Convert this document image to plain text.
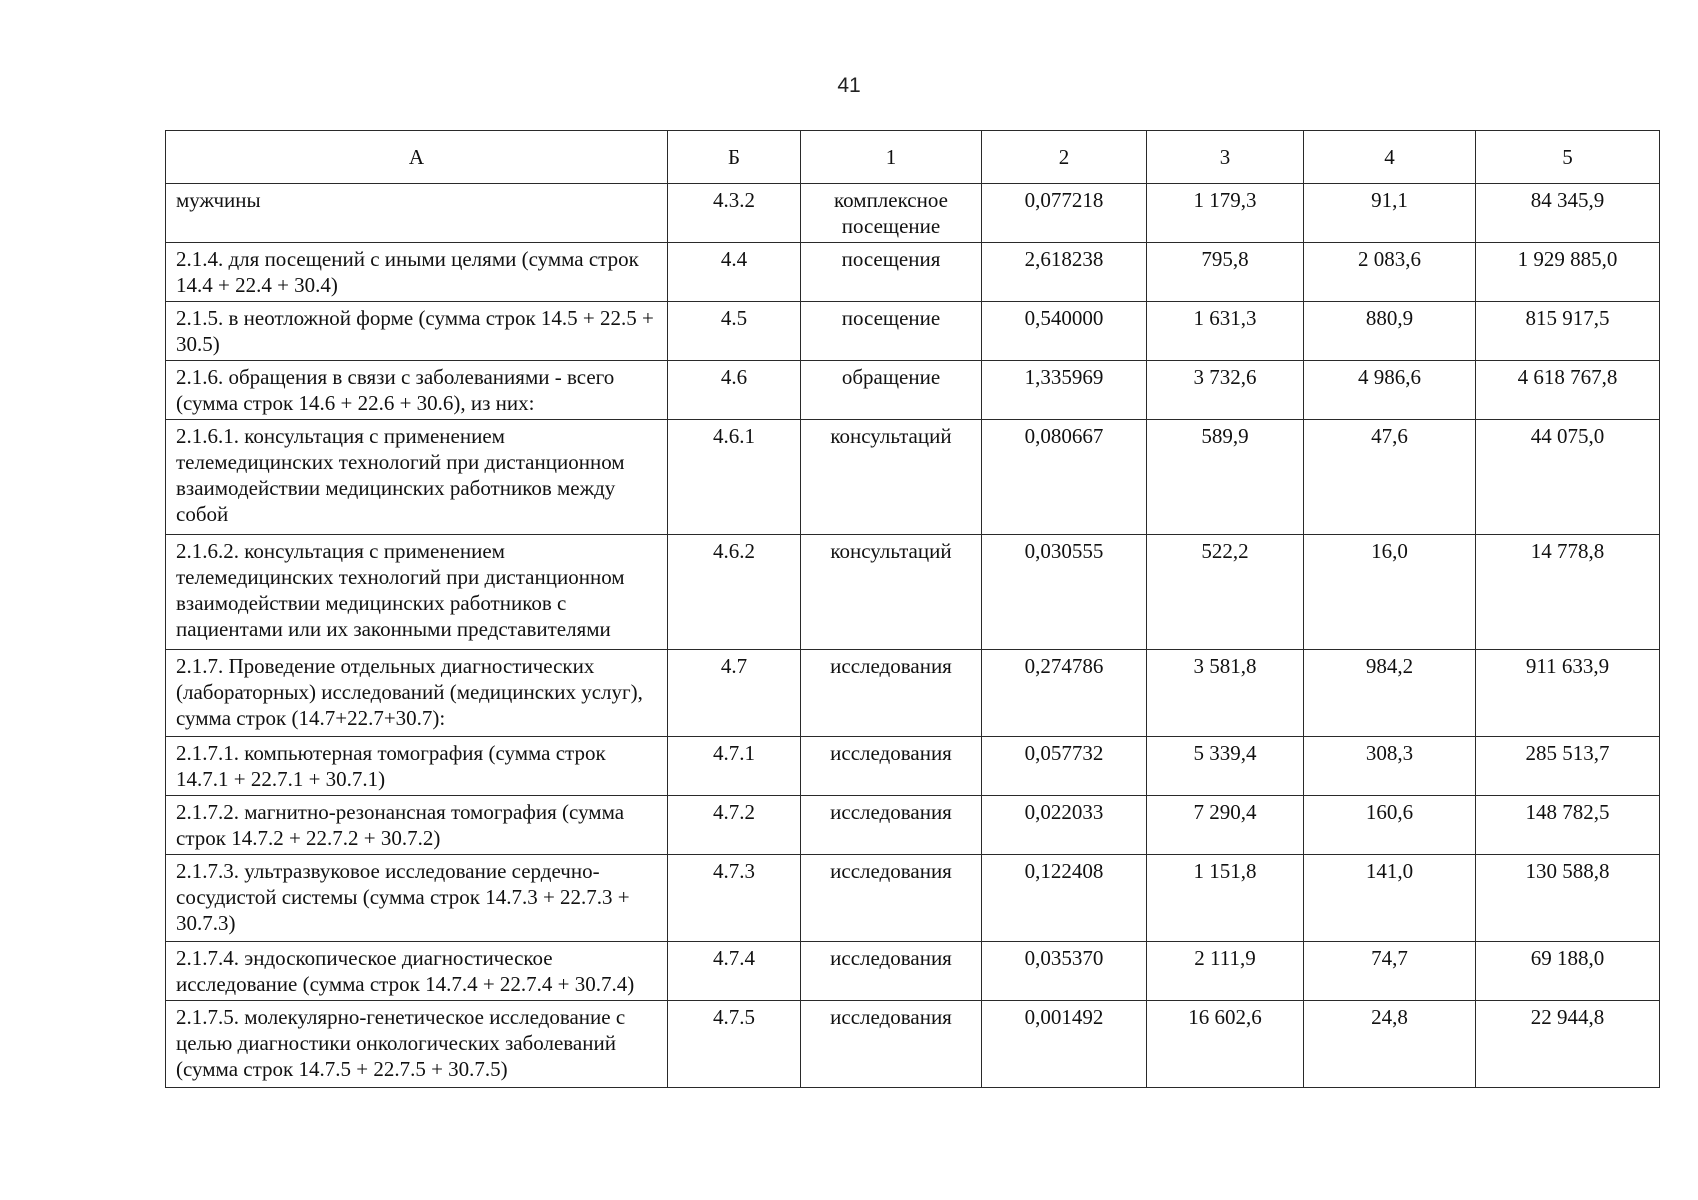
41
А	Б	1	2	3	4	5
мужчины	4.3.2	комплексное посещение	0,077218	1 179,3	91,1	84 345,9
2.1.4. для посещений с иными целями (сумма строк 14.4 + 22.4 + 30.4)	4.4	посещения	2,618238	795,8	2 083,6	1 929 885,0
2.1.5. в неотложной форме (сумма строк 14.5 + 22.5 + 30.5)	4.5	посещение	0,540000	1 631,3	880,9	815 917,5
2.1.6. обращения в связи с заболеваниями - всего (сумма строк 14.6 + 22.6 + 30.6), из них:	4.6	обращение	1,335969	3 732,6	4 986,6	4 618 767,8
2.1.6.1. консультация с применением телемедицинских технологий при дистанционном взаимодействии медицинских работников между собой	4.6.1	консультаций	0,080667	589,9	47,6	44 075,0
2.1.6.2. консультация с применением телемедицинских технологий при дистанционном взаимодействии медицинских работников с пациентами или их законными представителями	4.6.2	консультаций	0,030555	522,2	16,0	14 778,8
2.1.7. Проведение отдельных диагностических (лабораторных) исследований (медицинских услуг), сумма строк (14.7+22.7+30.7):	4.7	исследования	0,274786	3 581,8	984,2	911 633,9
2.1.7.1. компьютерная томография (сумма строк 14.7.1 + 22.7.1 + 30.7.1)	4.7.1	исследования	0,057732	5 339,4	308,3	285 513,7
2.1.7.2. магнитно-резонансная томография (сумма строк 14.7.2 + 22.7.2 + 30.7.2)	4.7.2	исследования	0,022033	7 290,4	160,6	148 782,5
2.1.7.3. ультразвуковое исследование сердечно-сосудистой системы (сумма строк 14.7.3 + 22.7.3 + 30.7.3)	4.7.3	исследования	0,122408	1 151,8	141,0	130 588,8
2.1.7.4. эндоскопическое диагностическое исследование (сумма строк 14.7.4 + 22.7.4 + 30.7.4)	4.7.4	исследования	0,035370	2 111,9	74,7	69 188,0
2.1.7.5. молекулярно-генетическое исследование с целью диагностики онкологических заболеваний (сумма строк 14.7.5 + 22.7.5 + 30.7.5)	4.7.5	исследования	0,001492	16 602,6	24,8	22 944,8
